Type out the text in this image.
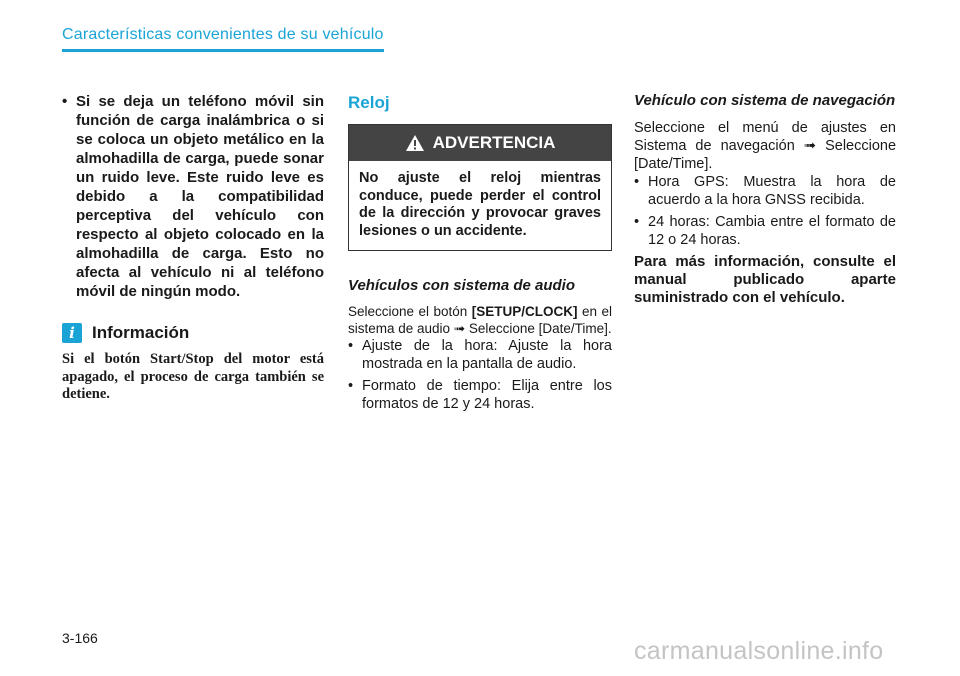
Características convenientes de su vehículo
• Si se deja un teléfono móvil sin función de carga inalámbrica o si se coloca un objeto metálico en la almohadilla de carga, puede sonar un ruido leve. Este ruido leve es debido a la compatibilidad perceptiva del vehículo con respecto al objeto colocado en la almohadilla de carga. Esto no afecta al vehículo ni al teléfono móvil de ningún modo.
i	Información
Si el botón Start/Stop del motor está apagado, el proceso de carga también se detiene.
Reloj
ADVERTENCIA
No ajuste el reloj mientras conduce, puede perder el control de la dirección y provocar graves lesiones o un accidente.
Vehículos con sistema de audio
Seleccione el botón [SETUP/CLOCK] en el sistema de audio ➟ Seleccione [Date/Time].
• Ajuste de la hora: Ajuste la hora mostrada en la pantalla de audio.
• Formato de tiempo: Elija entre los formatos de 12 y 24 horas.
Vehículo con sistema de navegación
Seleccione el menú de ajustes en Sistema de navegación ➟ Seleccione [Date/Time].
• Hora GPS: Muestra la hora de acuerdo a la hora GNSS recibida.
• 24 horas: Cambia entre el formato de 12 o 24 horas.
Para más información, consulte el manual publicado aparte suministrado con el vehículo.
3-166	carmanualsonline.info
